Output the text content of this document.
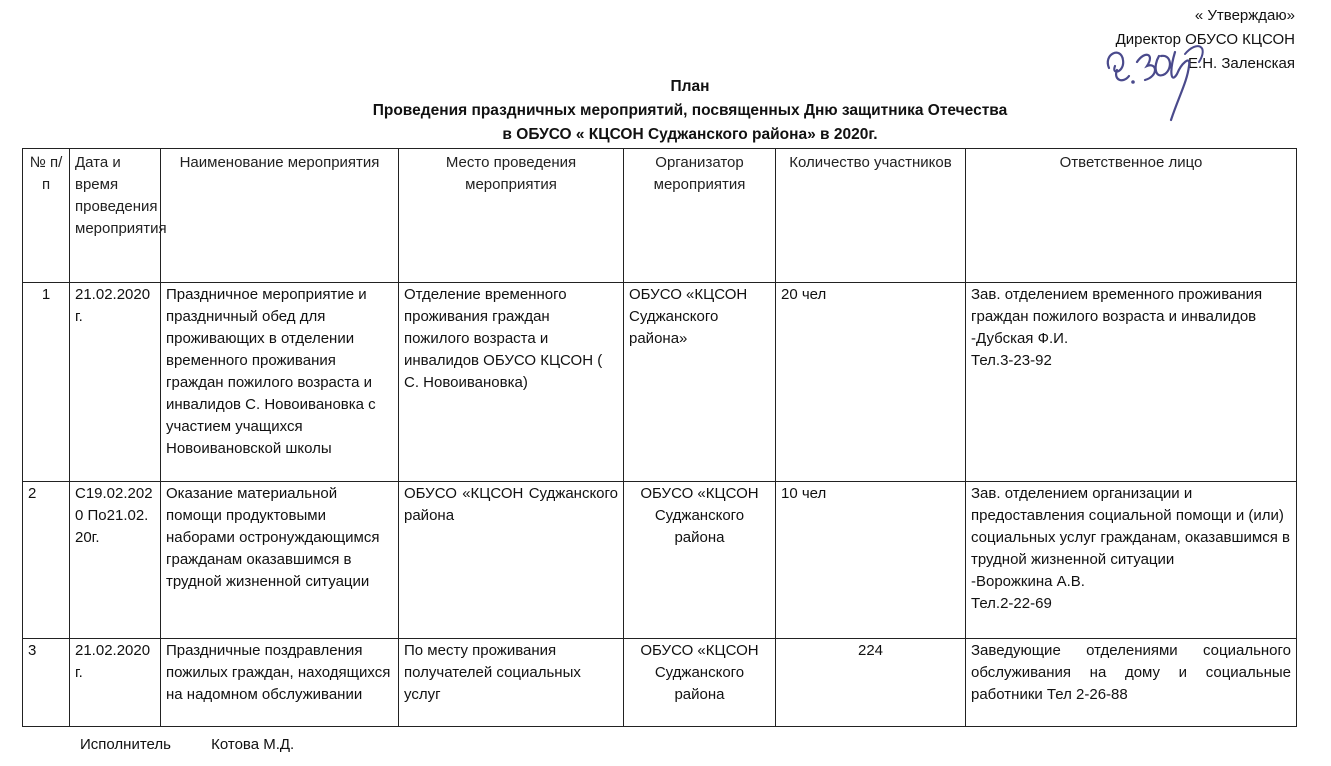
« Утверждаю»
Директор ОБУСО КЦСОН
Е.Н. Заленская
План
Проведения праздничных мероприятий, посвященных Дню защитника Отечества
в ОБУСО « КЦСОН Суджанского района» в 2020г.
№ п/п	Дата и время проведения мероприятия	Наименование мероприятия	Место проведения мероприятия	Организатор мероприятия	Количество участников	Ответственное лицо
1	21.02.2020г.	Праздничное мероприятие и праздничный обед для проживающих в отделении временного проживания граждан пожилого возраста и инвалидов С. Новоивановка с участием учащихся Новоивановской школы	Отделение временного проживания граждан пожилого возраста и инвалидов ОБУСО КЦСОН ( С. Новоивановка)	ОБУСО «КЦСОН Суджанского района»	20 чел	Зав. отделением временного проживания граждан пожилого возраста и инвалидов
-Дубская Ф.И.
Тел.3-23-92

2	С19.02.2020 По21.02. 20г.	Оказание материальной помощи продуктовыми наборами остронуждающимся гражданам оказавшимся в трудной жизненной ситуации	ОБУСО «КЦСОН Суджанского района	ОБУСО «КЦСОН Суджанского района	10 чел	Зав. отделением организации и предоставления социальной помощи и (или) социальных услуг гражданам, оказавшимся в трудной жизненной ситуации
-Ворожкина А.В.
Тел.2-22-69

3	21.02.2020г.	Праздничные поздравления пожилых граждан, находящихся на надомном обслуживании	По месту проживания получателей социальных услуг	ОБУСО «КЦСОН Суджанского района	224	Заведующие отделениями социального обслуживания на дому и социальные работники Тел 2-26-88
Исполнитель	Котова М.Д.
